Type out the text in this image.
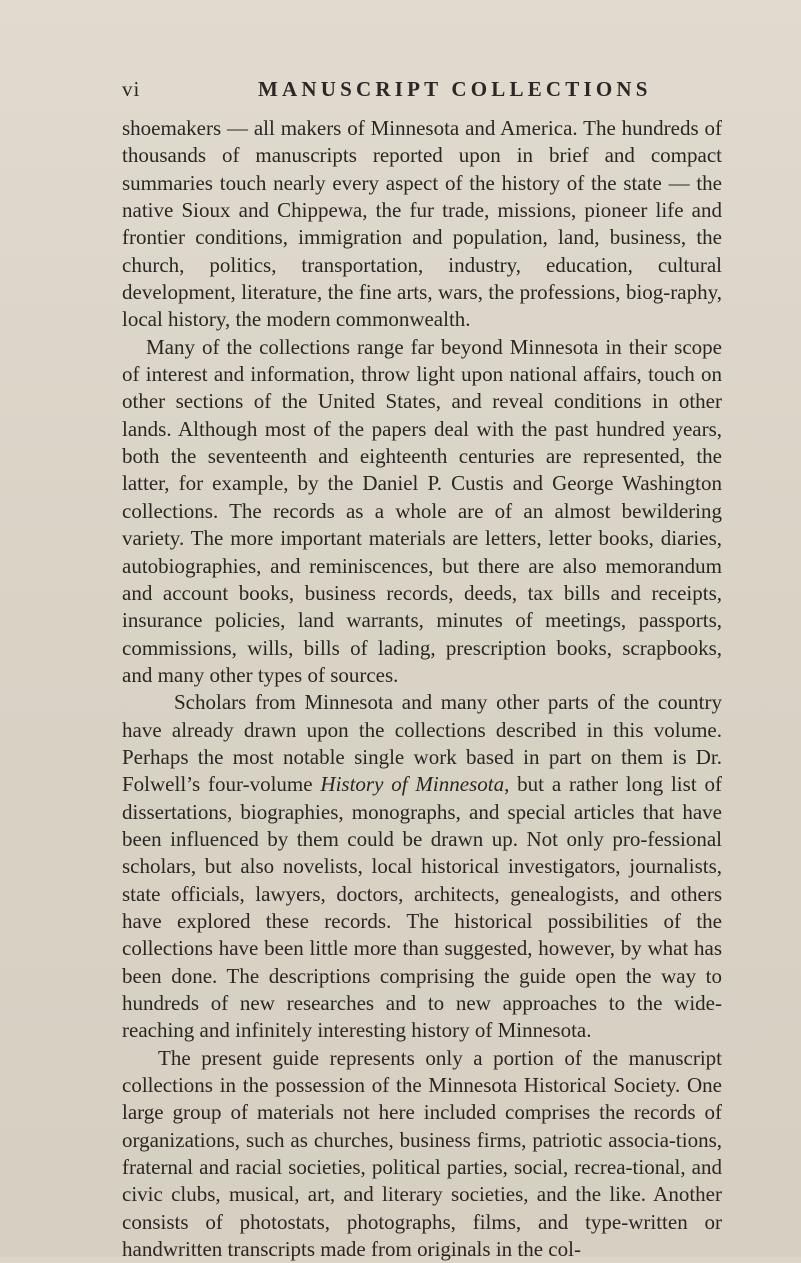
vi	MANUSCRIPT COLLECTIONS

shoemakers — all makers of Minnesota and America. The hundreds of thousands of manuscripts reported upon in brief and compact summaries touch nearly every aspect of the history of the state — the native Sioux and Chippewa, the fur trade, missions, pioneer life and frontier conditions, immigration and population, land, business, the church, politics, transportation, industry, education, cultural development, literature, the fine arts, wars, the professions, biog-raphy, local history, the modern commonwealth.

Many of the collections range far beyond Minnesota in their scope of interest and information, throw light upon national affairs, touch on other sections of the United States, and reveal conditions in other lands. Although most of the papers deal with the past hundred years, both the seventeenth and eighteenth centuries are represented, the latter, for example, by the Daniel P. Custis and George Washington collections. The records as a whole are of an almost bewildering variety. The more important materials are letters, letter books, diaries, autobiographies, and reminiscences, but there are also memorandum and account books, business records, deeds, tax bills and receipts, insurance policies, land warrants, minutes of meetings, passports, commissions, wills, bills of lading, prescription books, scrapbooks, and many other types of sources.

Scholars from Minnesota and many other parts of the country have already drawn upon the collections described in this volume. Perhaps the most notable single work based in part on them is Dr. Folwell’s four-volume History of Minnesota, but a rather long list of dissertations, biographies, monographs, and special articles that have been influenced by them could be drawn up. Not only pro-fessional scholars, but also novelists, local historical investigators, journalists, state officials, lawyers, doctors, architects, genealogists, and others have explored these records. The historical possibilities of the collections have been little more than suggested, however, by what has been done. The descriptions comprising the guide open the way to hundreds of new researches and to new approaches to the wide-reaching and infinitely interesting history of Minnesota.

The present guide represents only a portion of the manuscript collections in the possession of the Minnesota Historical Society. One large group of materials not here included comprises the records of organizations, such as churches, business firms, patriotic associa-tions, fraternal and racial societies, political parties, social, recrea-tional, and civic clubs, musical, art, and literary societies, and the like. Another consists of photostats, photographs, films, and type-written or handwritten transcripts made from originals in the col-
